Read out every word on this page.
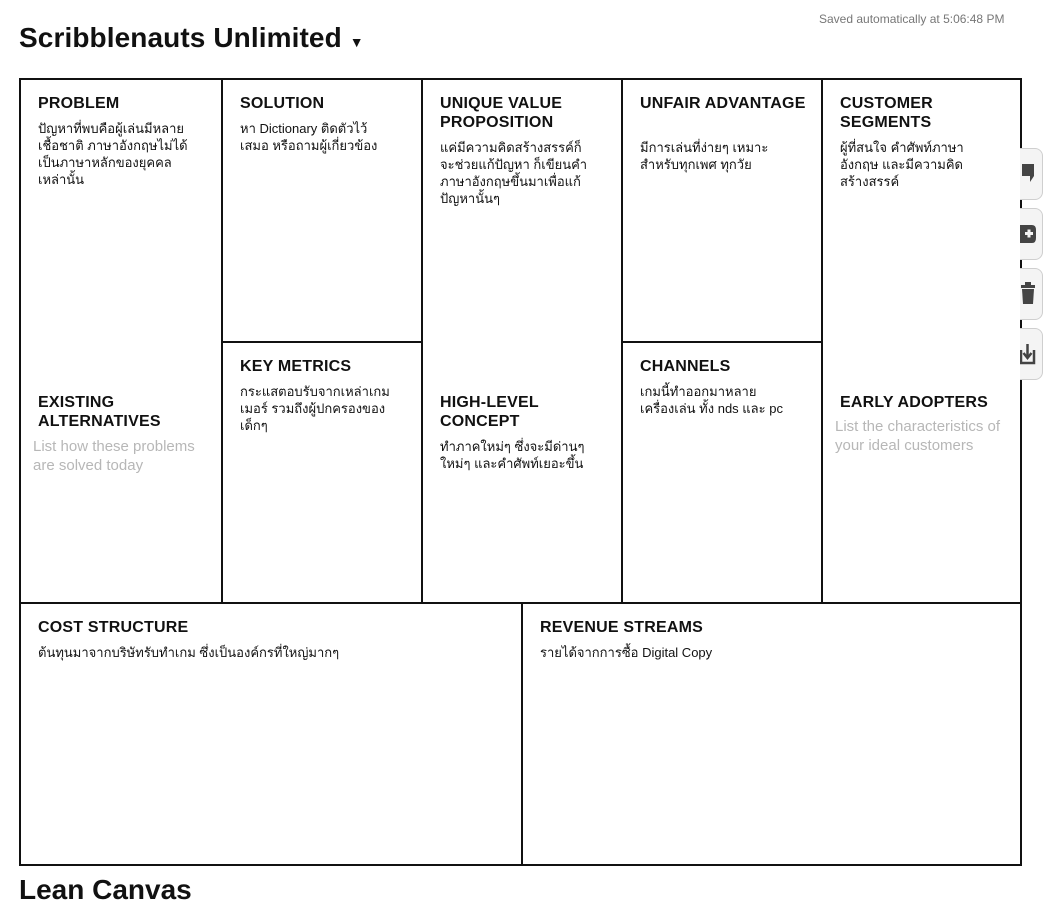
Saved automatically at 5:06:48 PM
Scribblenauts Unlimited ▼
PROBLEM
ปัญหาที่พบคือผู้เล่นมีหลายเชื้อชาติ ภาษาอังกฤษไม่ได้เป็นภาษาหลักของยุคคลเหล่านั้น
EXISTING ALTERNATIVES
List how these problems are solved today
SOLUTION
หา Dictionary ติดตัวไว้เสมอ หรือถามผู้เกี่ยวข้อง
KEY METRICS
กระแสตอบรับจากเหล่าเกมเมอร์ รวมถึงผู้ปกครองของเด็กๆ
UNIQUE VALUE PROPOSITION
แค่มีความคิดสร้างสรรค์ก็จะช่วยแก้ปัญหา ก็เขียนคำภาษาอังกฤษขึ้นมาเพื่อแก้ปัญหานั้นๆ
HIGH-LEVEL CONCEPT
ทำภาคใหม่ๆ ซึ่งจะมีด่านๆใหม่ๆ และคำศัพท์เยอะขึ้น
UNFAIR ADVANTAGE
มีการเล่นที่ง่ายๆ เหมาะสำหรับทุกเพศ ทุกวัย
CHANNELS
เกมนี้ทำออกมาหลายเครื่องเล่น ทั้ง nds และ pc
CUSTOMER SEGMENTS
ผู้ที่สนใจ คำศัพท์ภาษาอังกฤษ และมีความคิดสร้างสรรค์
EARLY ADOPTERS
List the characteristics of your ideal customers
COST STRUCTURE
ต้นทุนมาจากบริษัทรับทำเกม ซึ่งเป็นองค์กรที่ใหญ่มากๆ
REVENUE STREAMS
รายได้จากการซื้อ Digital Copy
Lean Canvas
